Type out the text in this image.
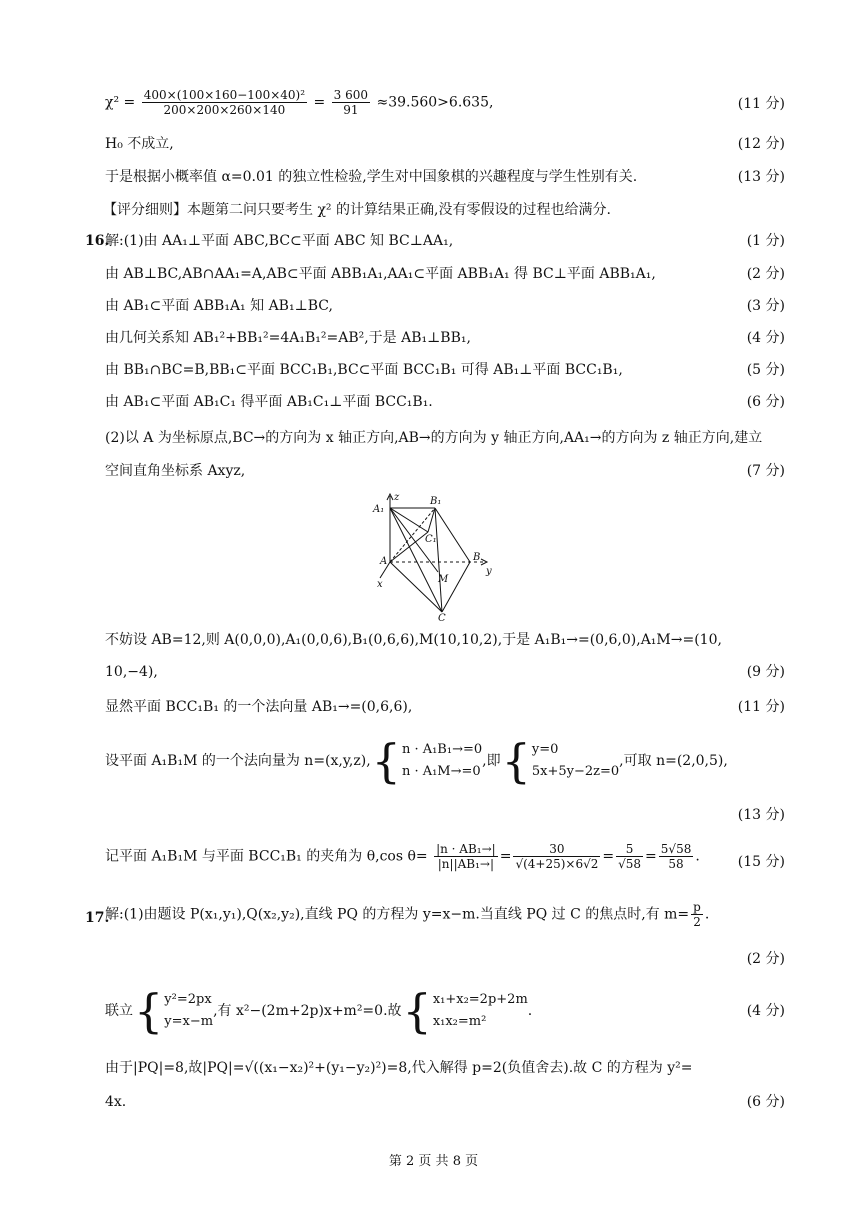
$\chi^2 = \frac{\text{400×(100×160−100×40)²}}{200\times 200\times 260\times 140} = \frac{3 600}{91} \approx 39.560>6.635$,	(11 分)
H₀ 不成立,	(12 分)
于是根据小概率值 α=0.01 的独立性检验,学生对中国象棋的兴趣程度与学生性别有关.	(13 分)
【评分细则】本题第二问只要考生 χ² 的计算结果正确,没有零假设的过程也给满分.
16.
解:(1)由 AA₁⊥平面 ABC,BC⊂平面 ABC 知 BC⊥AA₁,	(1 分)
由 AB⊥BC,AB∩AA₁=A,AB⊂平面 ABB₁A₁,AA₁⊂平面 ABB₁A₁ 得 BC⊥平面 ABB₁A₁,	(2 分)
由 AB₁⊂平面 ABB₁A₁ 知 AB₁⊥BC,	(3 分)
由几何关系知 AB₁²+BB₁²=4A₁B₁²=AB²,于是 AB₁⊥BB₁,	(4 分)
由 BB₁∩BC=B,BB₁⊂平面 BCC₁B₁,BC⊂平面 BCC₁B₁ 可得 AB₁⊥平面 BCC₁B₁,	(5 分)
由 AB₁⊂平面 AB₁C₁ 得平面 AB₁C₁⊥平面 BCC₁B₁.	(6 分)
(2)以 A 为坐标原点,BC→的方向为 x 轴正方向,AB→的方向为 y 轴正方向,AA₁→的方向为 z 轴正方向,建立
空间直角坐标系 Axyz,	(7 分)
z
A₁
B₁
C₁
A	B
y
M
x
C
不妨设 AB=12,则 A(0,0,0),A₁(0,0,6),B₁(0,6,6),M(10,10,2),于是 A₁B₁→=(0,6,0),A₁M→=(10,
10,−4),	(9 分)
显然平面 BCC₁B₁ 的一个法向量 AB₁→=(0,6,6),	(11 分)
设平面 A₁B₁M 的一个法向量为 n=(x,y,z),{ n · A₁B₁→=0
n · A₁M→=0
,即{ y=0
5x+5y−2z=0
,可取 n=(2,0,5),
(13 分)
记平面 A₁B₁M 与平面 BCC₁B₁ 的夹角为 θ,cos $\theta= \frac{\text{|n · AB₁→|}}{\text{|n||AB₁→|}} = \frac{30}{√(4+25)\times 6√2} = \frac{5}{√58} = \frac{5√58}{58}$ .	(15 分)
17.
解:(1)由题设 P(x₁,y₁),Q(x₂,y₂),直线 PQ 的方程为 y=x−m.当直线 PQ 过 C 的焦点时,有 $m= \frac{p}{2}$ .
(2 分)
联立{ y²=2px
y=x−m
,有 x²−(2m+2p)x+m²=0.故{ x₁+x₂=2p+2m
x₁x₂=m²
.	(4 分)
由于|PQ|=8,故|PQ|=√((x₁−x₂)²+(y₁−y₂)²)=8,代入解得 p=2(负值舍去).故 C 的方程为 y²=
4x.	(6 分)
第 2 页 共 8 页
